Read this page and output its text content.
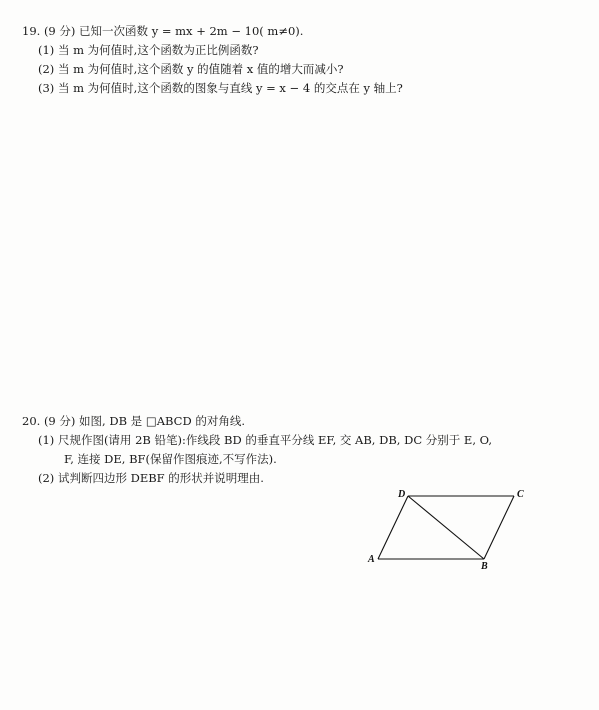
19. (9 分) 已知一次函数 y = mx + 2m − 10( m≠0).
(1) 当 m 为何值时,这个函数为正比例函数?
(2) 当 m 为何值时,这个函数 y 的值随着 x 值的增大而减小?
(3) 当 m 为何值时,这个函数的图象与直线 y = x − 4 的交点在 y 轴上?
20. (9 分) 如图, DB 是 □ABCD 的对角线.
(1) 尺规作图(请用 2B 铅笔):作线段 BD 的垂直平分线 EF, 交 AB, DB, DC 分别于 E, O,
F, 连接 DE, BF(保留作图痕迹,不写作法).
(2) 试判断四边形 DEBF 的形状并说明理由.
D	C
A
B
